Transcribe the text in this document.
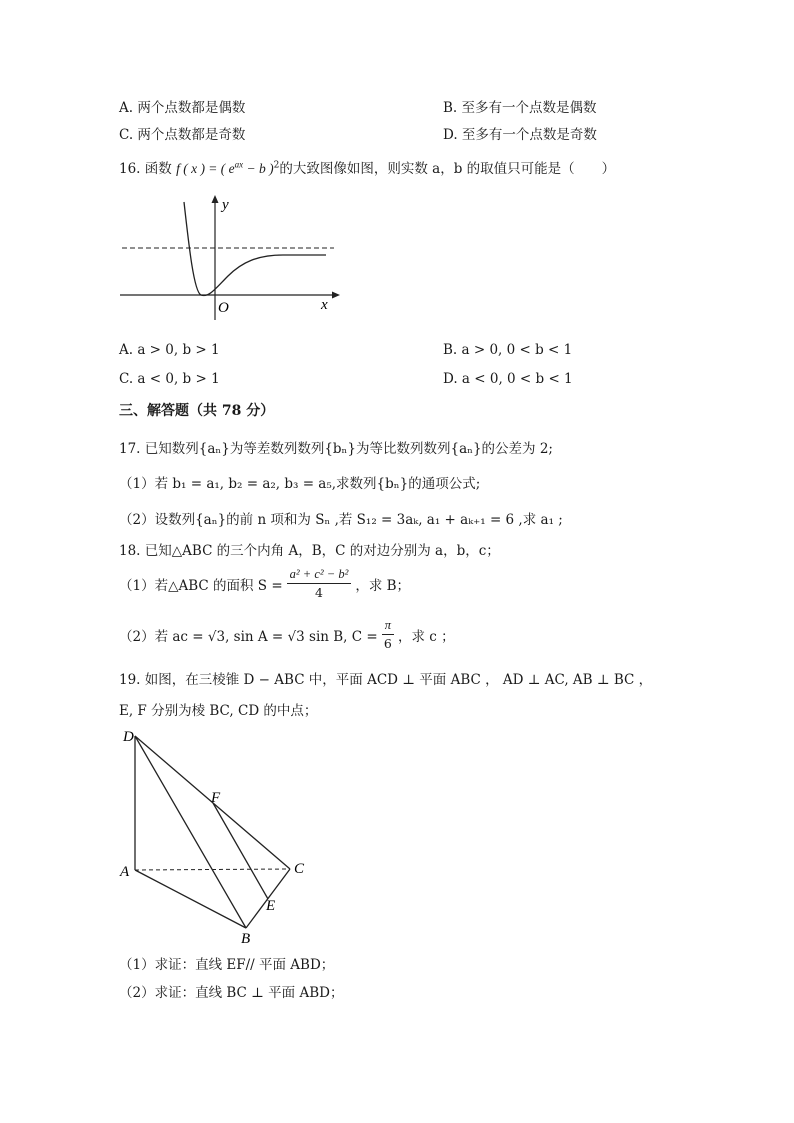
A. 两个点数都是偶数	B. 至多有一个点数是偶数
C. 两个点数都是奇数	D. 至多有一个点数是奇数
16. 函数 f ( x ) = ( $e^{ax} - b$ )$^2$的大致图像如图，则实数 a，b 的取值只可能是（　　）
y
x
O
A. a > 0, b > 1	B. a > 0, 0 < b < 1
C. a < 0, b > 1	D. a < 0, 0 < b < 1
三、解答题（共 78 分）
17. 已知数列{aₙ}为等差数列数列{bₙ}为等比数列数列{aₙ}的公差为 2;
（1）若 b₁ = a₁, b₂ = a₂, b₃ = a₅,求数列{bₙ}的通项公式;
（2）设数列{aₙ}的前 n 项和为 Sₙ ,若 S₁₂ = 3aₖ, a₁ + aₖ₊₁ = 6 ,求 a₁ ;
18. 已知△ABC 的三个内角 A，B，C 的对边分别为 a，b，c；
（1）若△ABC 的面积 $S = \frac{\text{a² + c² − b²}}{4}$ ，求 B；
（2）若 ac = √3, sin A = √3 sin B, $C = \frac{\pi}{6}$ ，求 c ；
19. 如图，在三棱锥 D − ABC 中，平面 ACD ⊥ 平面 ABC ， AD ⊥ AC, AB ⊥ BC ，
E, F 分别为棱 BC, CD 的中点；
D
F
A	C
E
B
（1）求证：直线 EF// 平面 ABD；
（2）求证：直线 BC ⊥ 平面 ABD；
